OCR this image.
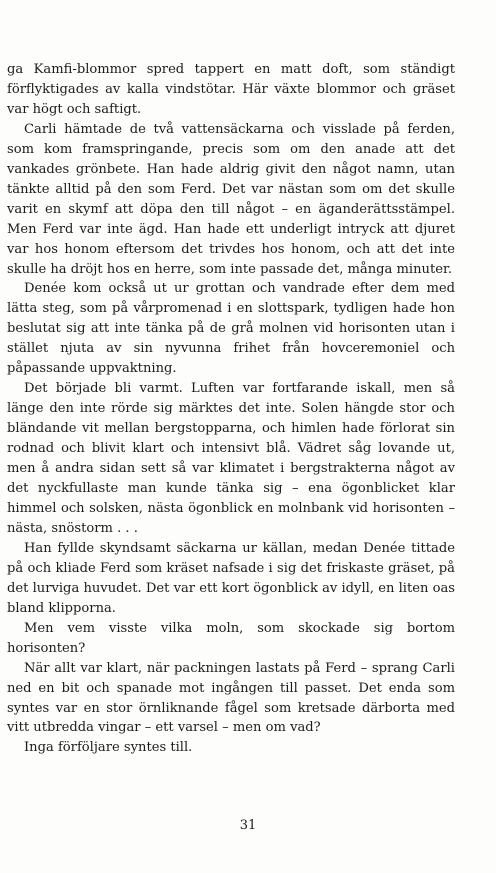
ga Kamfi-blommor spred tappert en matt doft, som ständigt förflyktigades av kalla vindstötar. Här växte blommor och gräset var högt och saftigt.

Carli hämtade de två vattensäckarna och visslade på ferden, som kom framspringande, precis som om den anade att det vankades grönbete. Han hade aldrig givit den något namn, utan tänkte alltid på den som Ferd. Det var nästan som om det skulle varit en skymf att döpa den till något – en äganderättsstämpel. Men Ferd var inte ägd. Han hade ett underligt intryck att djuret var hos honom eftersom det trivdes hos honom, och att det inte skulle ha dröjt hos en herre, som inte passade det, många minuter.

Denée kom också ut ur grottan och vandrade efter dem med lätta steg, som på vårpromenad i en slottspark, tydligen hade hon beslutat sig att inte tänka på de grå molnen vid horisonten utan i stället njuta av sin nyvunna frihet från hovceremoniel och påpassande uppvaktning.

Det började bli varmt. Luften var fortfarande iskall, men så länge den inte rörde sig märktes det inte. Solen hängde stor och bländande vit mellan bergstopparna, och himlen hade förlorat sin rodnad och blivit klart och intensivt blå. Vädret såg lovande ut, men å andra sidan sett så var klimatet i bergstrakterna något av det nyckfullaste man kunde tänka sig – ena ögonblicket klar himmel och solsken, nästa ögonblick en molnbank vid horisonten – nästa, snöstorm . . .

Han fyllde skyndsamt säckarna ur källan, medan Denée tittade på och kliade Ferd som kräset nafsade i sig det friskaste gräset, på det lurviga huvudet. Det var ett kort ögonblick av idyll, en liten oas bland klipporna.

Men vem visste vilka moln, som skockade sig bortom horisonten?

När allt var klart, när packningen lastats på Ferd – sprang Carli ned en bit och spanade mot ingången till passet. Det enda som syntes var en stor örnliknande fågel som kretsade därborta med vitt utbredda vingar – ett varsel – men om vad?

Inga förföljare syntes till.

31
